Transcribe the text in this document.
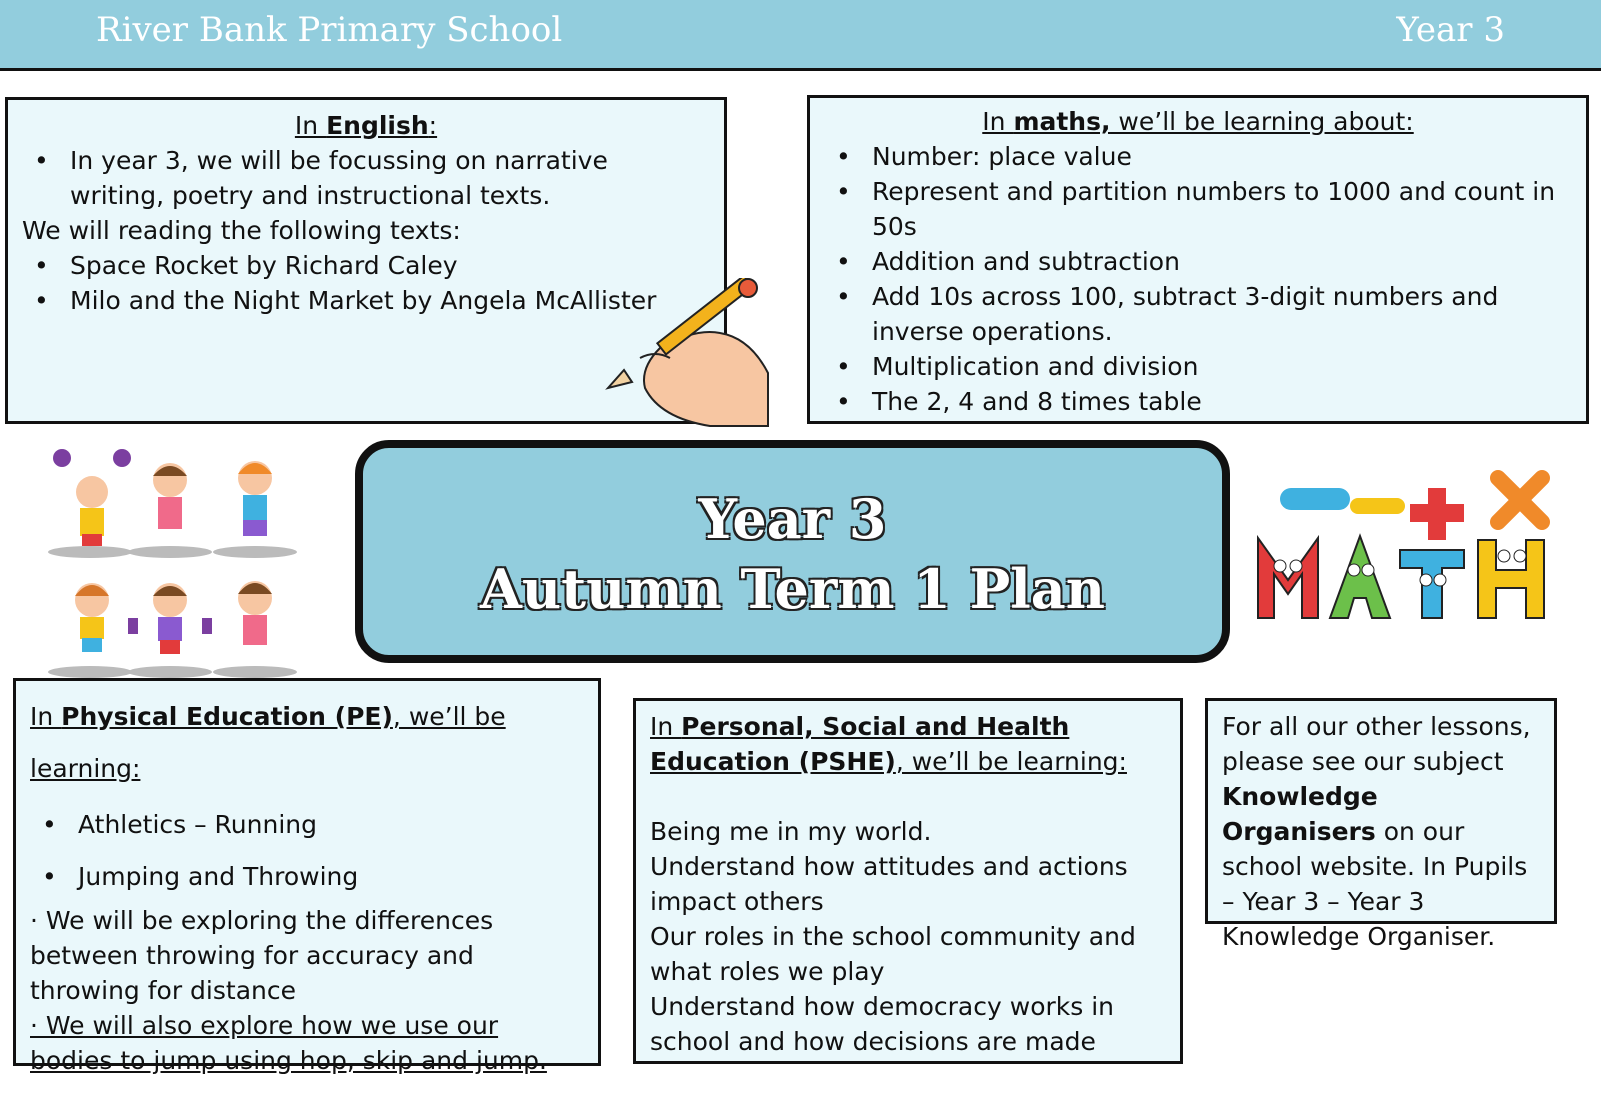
River Bank Primary School	Year 3
In English:
• In year 3, we will be focussing on narrative writing, poetry and instructional texts.
We will reading the following texts:
• Space Rocket by Richard Caley
• Milo and the Night Market by Angela McAllister
In maths, we’ll be learning about:
• Number: place value
• Represent and partition numbers to 1000 and count in 50s
• Addition and subtraction
• Add 10s across 100, subtract 3-digit numbers and inverse operations.
• Multiplication and division
• The 2, 4 and 8 times table
Year 3
Autumn Term 1 Plan
In Physical Education (PE), we’ll be learning:
• Athletics – Running
• Jumping and Throwing
· We will be exploring the differences between throwing for accuracy and throwing for distance
· We will also explore how we use our bodies to jump using hop, skip and jump.
In Personal, Social and Health Education (PSHE), we’ll be learning:
Being me in my world.
Understand how attitudes and actions impact others
Our roles in the school community and what roles we play
Understand how democracy works in school and how decisions are made
For all our other lessons, please see our subject Knowledge Organisers on our school website. In Pupils – Year 3 – Year 3 Knowledge Organiser.
